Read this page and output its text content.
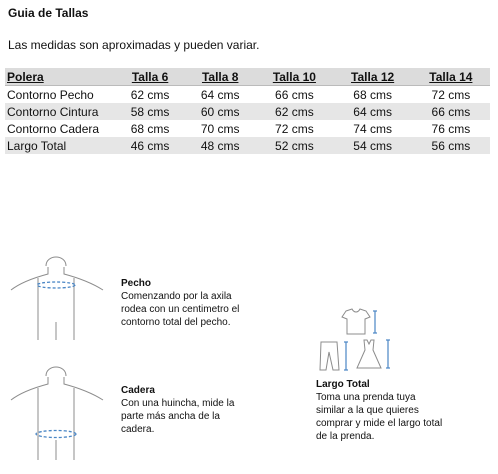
Guia de Tallas
Las medidas son aproximadas y pueden variar.
Polera	Talla 6	Talla 8	Talla 10	Talla 12	Talla 14
Contorno Pecho	62 cms	64 cms	66 cms	68 cms	72 cms
Contorno Cintura	58 cms	60 cms	62 cms	64 cms	66 cms
Contorno Cadera	68 cms	70 cms	72 cms	74 cms	76 cms
Largo Total	46 cms	48 cms	52 cms	54 cms	56 cms
Pecho
Comenzando por la axila
rodea con un centimetro el
contorno total del pecho.
Cadera
Con una huincha, mide la
parte más ancha de la
cadera.
Largo Total
Toma una prenda tuya
similar a la que quieres
comprar y mide el largo total
de la prenda.
